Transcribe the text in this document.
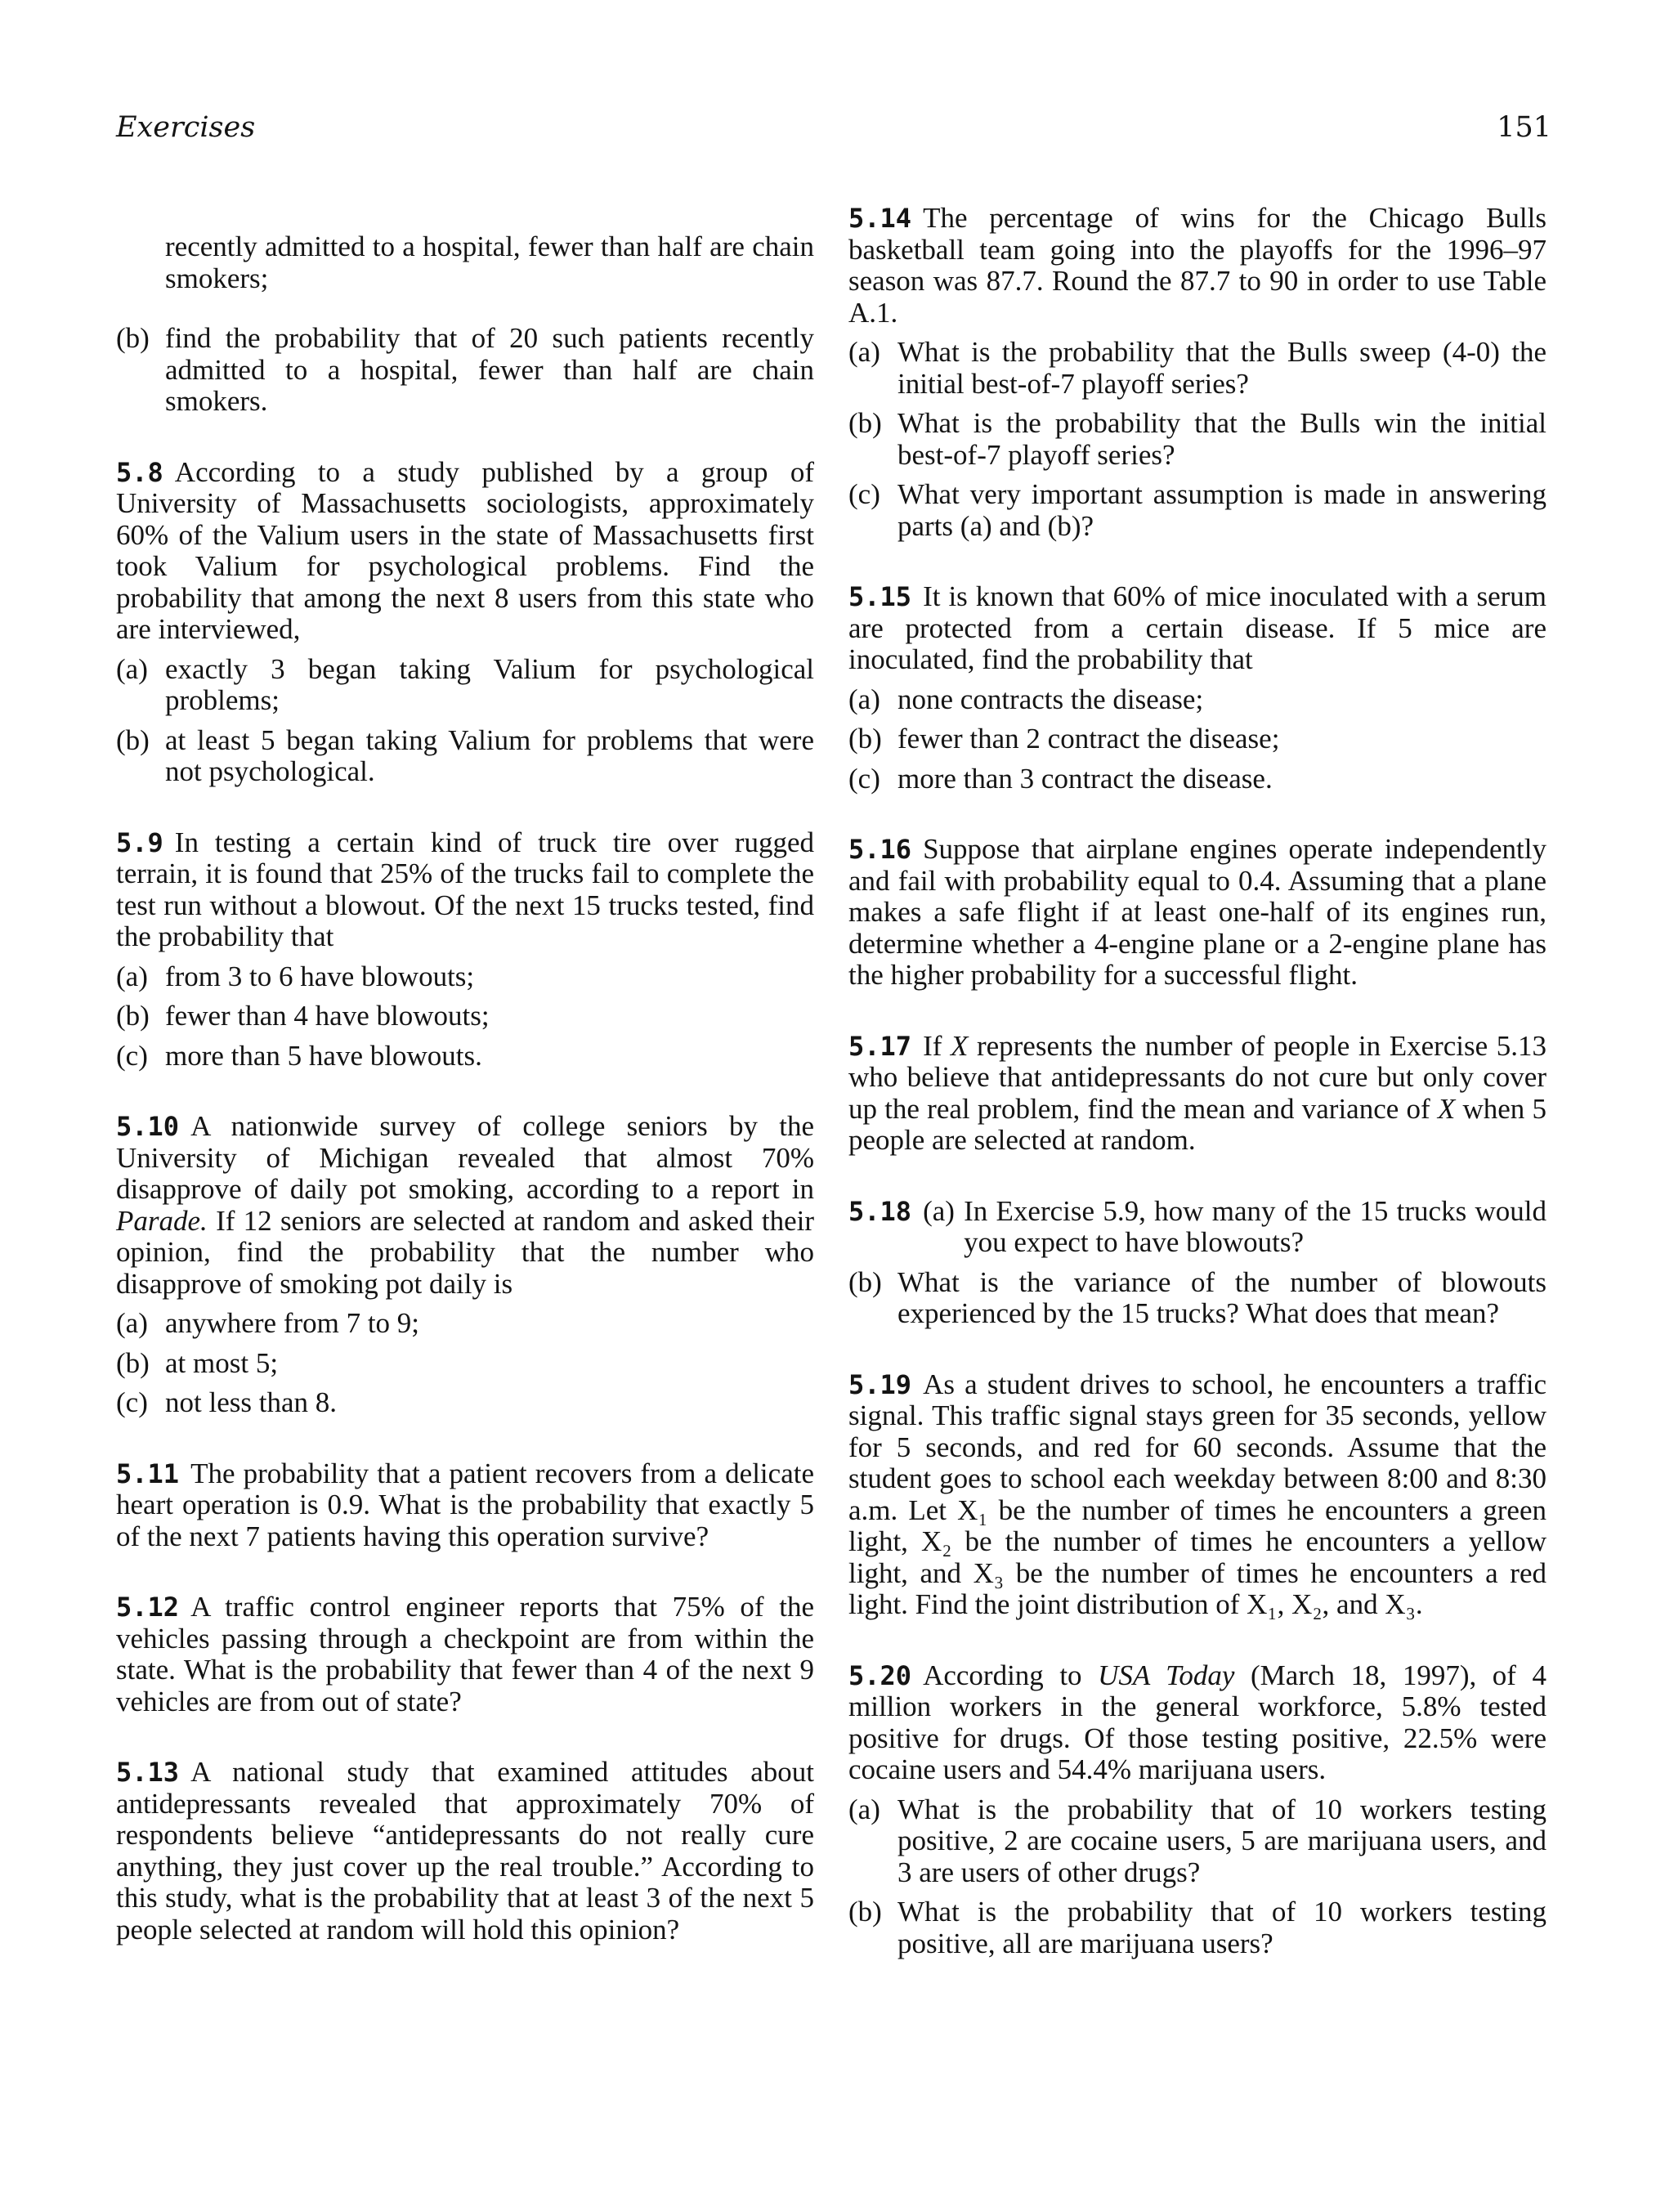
Exercises	151

recently admitted to a hospital, fewer than half are chain smokers;

(b) find the probability that of 20 such patients recently admitted to a hospital, fewer than half are chain smokers.

5.8 According to a study published by a group of University of Massachusetts sociologists, approximately 60% of the Valium users in the state of Massachusetts first took Valium for psychological problems. Find the probability that among the next 8 users from this state who are interviewed,

(a) exactly 3 began taking Valium for psychological problems;
(b) at least 5 began taking Valium for problems that were not psychological.

5.9 In testing a certain kind of truck tire over rugged terrain, it is found that 25% of the trucks fail to complete the test run without a blowout. Of the next 15 trucks tested, find the probability that

(a) from 3 to 6 have blowouts;
(b) fewer than 4 have blowouts;
(c) more than 5 have blowouts.

5.10 A nationwide survey of college seniors by the University of Michigan revealed that almost 70% disapprove of daily pot smoking, according to a report in Parade. If 12 seniors are selected at random and asked their opinion, find the probability that the number who disapprove of smoking pot daily is

(a) anywhere from 7 to 9;
(b) at most 5;
(c) not less than 8.

5.11 The probability that a patient recovers from a delicate heart operation is 0.9. What is the probability that exactly 5 of the next 7 patients having this operation survive?

5.12 A traffic control engineer reports that 75% of the vehicles passing through a checkpoint are from within the state. What is the probability that fewer than 4 of the next 9 vehicles are from out of state?

5.13 A national study that examined attitudes about antidepressants revealed that approximately 70% of respondents believe “antidepressants do not really cure anything, they just cover up the real trouble.” According to this study, what is the probability that at least 3 of the next 5 people selected at random will hold this opinion?

5.14 The percentage of wins for the Chicago Bulls basketball team going into the playoffs for the 1996–97 season was 87.7. Round the 87.7 to 90 in order to use Table A.1.

(a) What is the probability that the Bulls sweep (4-0) the initial best-of-7 playoff series?
(b) What is the probability that the Bulls win the initial best-of-7 playoff series?
(c) What very important assumption is made in answering parts (a) and (b)?

5.15 It is known that 60% of mice inoculated with a serum are protected from a certain disease. If 5 mice are inoculated, find the probability that

(a) none contracts the disease;
(b) fewer than 2 contract the disease;
(c) more than 3 contract the disease.

5.16 Suppose that airplane engines operate independently and fail with probability equal to 0.4. Assuming that a plane makes a safe flight if at least one-half of its engines run, determine whether a 4-engine plane or a 2-engine plane has the higher probability for a successful flight.

5.17 If X represents the number of people in Exercise 5.13 who believe that antidepressants do not cure but only cover up the real problem, find the mean and variance of X when 5 people are selected at random.

5.18 (a) In Exercise 5.9, how many of the 15 trucks would you expect to have blowouts?
(b) What is the variance of the number of blowouts experienced by the 15 trucks? What does that mean?

5.19 As a student drives to school, he encounters a traffic signal. This traffic signal stays green for 35 seconds, yellow for 5 seconds, and red for 60 seconds. Assume that the student goes to school each weekday between 8:00 and 8:30 a.m. Let X₁ be the number of times he encounters a green light, X₂ be the number of times he encounters a yellow light, and X₃ be the number of times he encounters a red light. Find the joint distribution of X₁, X₂, and X₃.

5.20 According to USA Today (March 18, 1997), of 4 million workers in the general workforce, 5.8% tested positive for drugs. Of those testing positive, 22.5% were cocaine users and 54.4% marijuana users.

(a) What is the probability that of 10 workers testing positive, 2 are cocaine users, 5 are marijuana users, and 3 are users of other drugs?
(b) What is the probability that of 10 workers testing positive, all are marijuana users?
